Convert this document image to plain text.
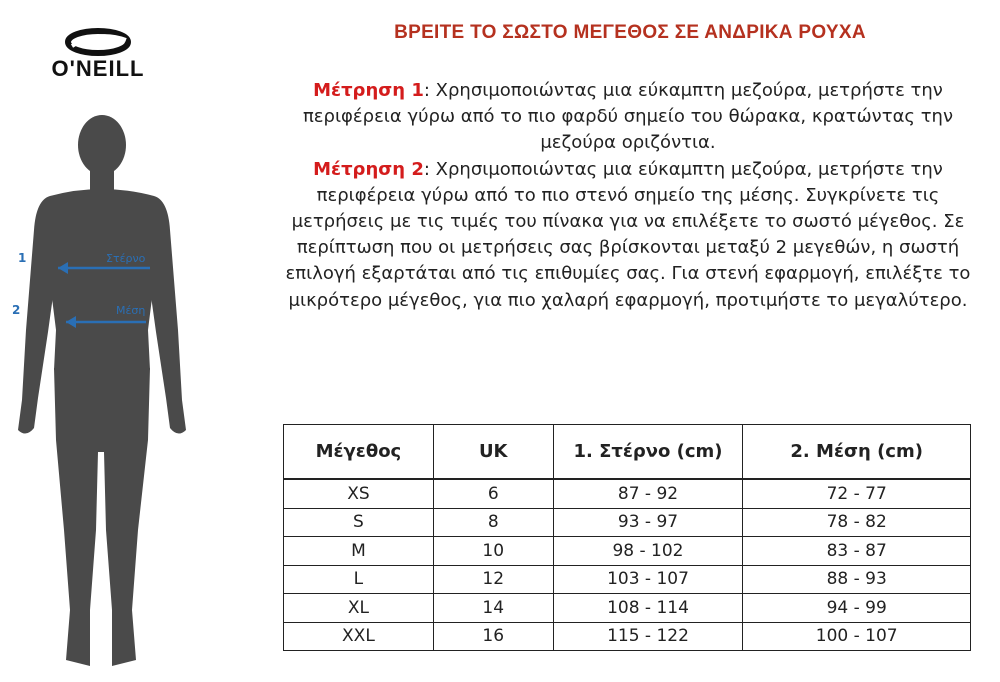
O'NEILL
1	Στέρνο
2	Μέση
ΒΡΕΙΤΕ ΤΟ ΣΩΣΤΟ ΜΕΓΕΘΟΣ ΣΕ ΑΝΔΡΙΚΑ ΡΟΥΧΑ

Μέτρηση 1: Χρησιμοποιώντας μια εύκαμπτη μεζούρα, μετρήστε την περιφέρεια γύρω από το πιο φαρδύ σημείο του θώρακα, κρατώντας την μεζούρα οριζόντια.

Μέτρηση 2: Χρησιμοποιώντας μια εύκαμπτη μεζούρα, μετρήστε την περιφέρεια γύρω από το πιο στενό σημείο της μέσης. Συγκρίνετε τις μετρήσεις με τις τιμές του πίνακα για να επιλέξετε το σωστό μέγεθος. Σε περίπτωση που οι μετρήσεις σας βρίσκονται μεταξύ 2 μεγεθών, η σωστή επιλογή εξαρτάται από τις επιθυμίες σας. Για στενή εφαρμογή, επιλέξτε το μικρότερο μέγεθος, για πιο χαλαρή εφαρμογή, προτιμήστε το μεγαλύτερο.

Μέγεθος	UK	1. Στέρνο (cm)	2. Μέση (cm)
XS	6	87 - 92	72 - 77
S	8	93 - 97	78 - 82
M	10	98 - 102	83 - 87
L	12	103 - 107	88 - 93
XL	14	108 - 114	94 - 99
XXL	16	115 - 122	100 - 107
